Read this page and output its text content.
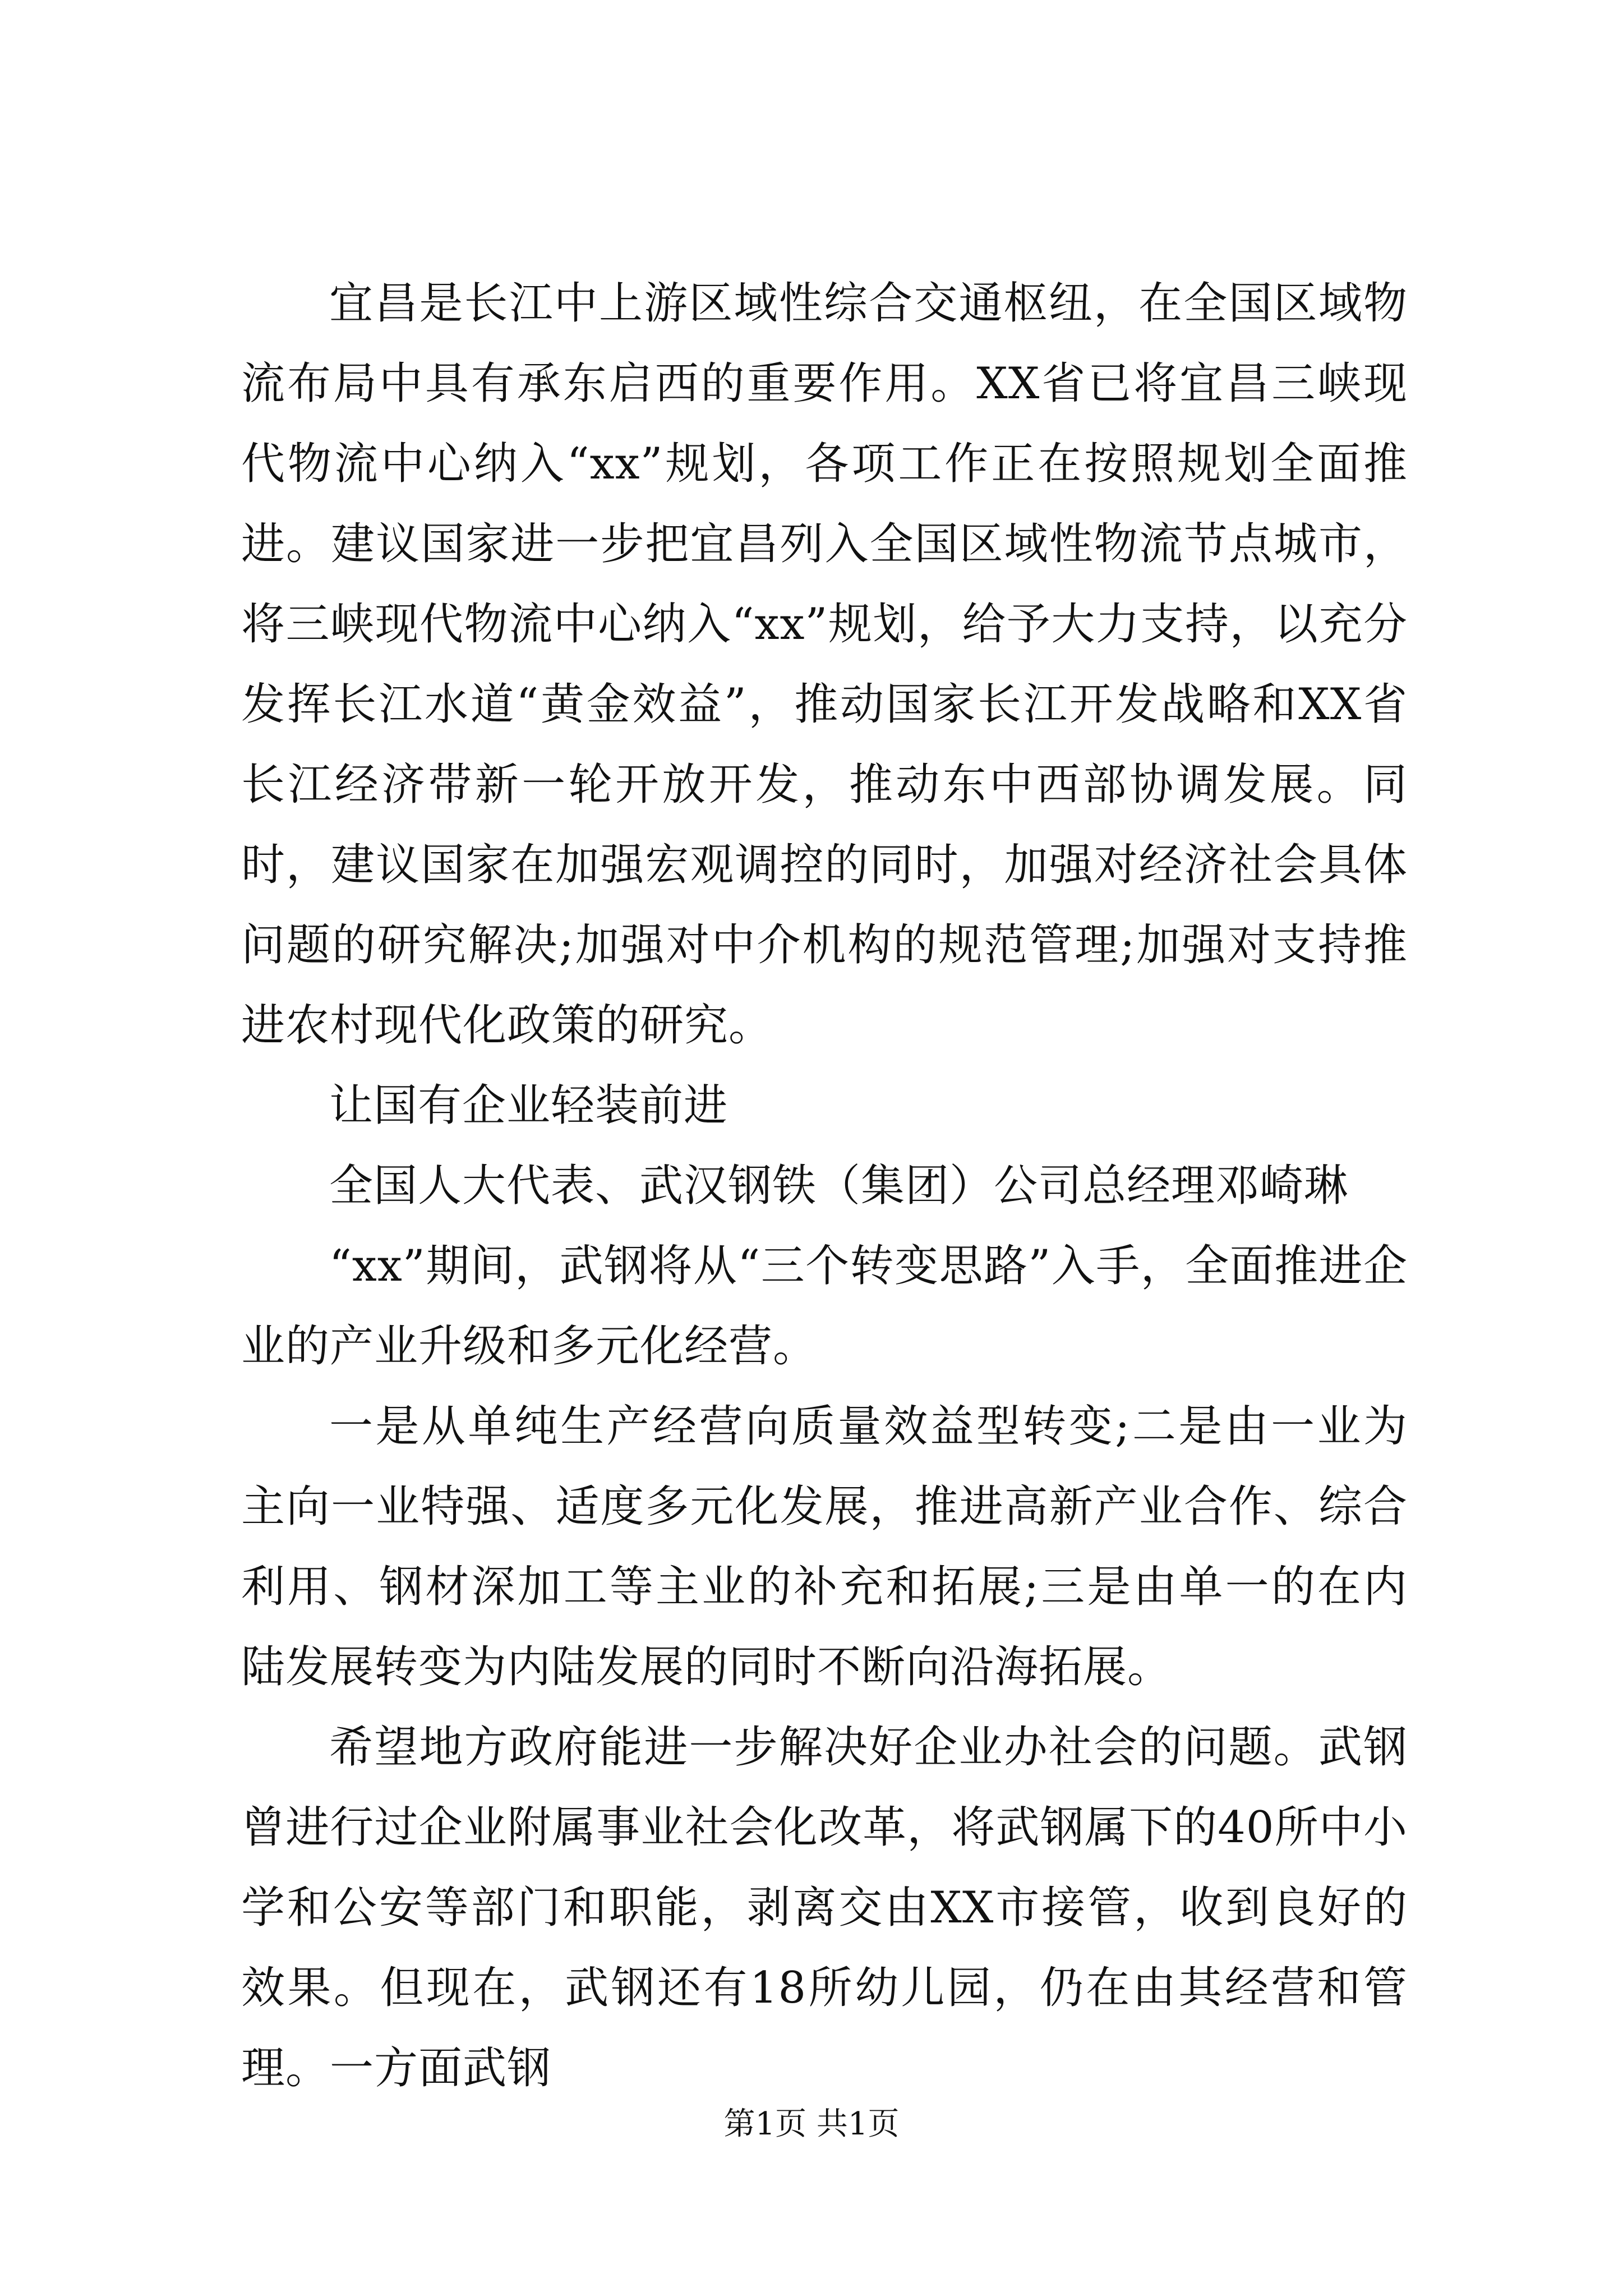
宜昌是长江中上游区域性综合交通枢纽，在全国区域物流布局中具有承东启西的重要作用。XX省已将宜昌三峡现代物流中心纳入“xx”规划，各项工作正在按照规划全面推进。建议国家进一步把宜昌列入全国区域性物流节点城市，将三峡现代物流中心纳入“xx”规划，给予大力支持，以充分发挥长江水道“黄金效益”，推动国家长江开发战略和XX省长江经济带新一轮开放开发，推动东中西部协调发展。同时，建议国家在加强宏观调控的同时，加强对经济社会具体问题的研究解决;加强对中介机构的规范管理;加强对支持推进农村现代化政策的研究。

让国有企业轻装前进

全国人大代表、武汉钢铁（集团）公司总经理邓崎琳

“xx”期间，武钢将从“三个转变思路”入手，全面推进企业的产业升级和多元化经营。

一是从单纯生产经营向质量效益型转变;二是由一业为主向一业特强、适度多元化发展，推进高新产业合作、综合利用、钢材深加工等主业的补充和拓展;三是由单一的在内陆发展转变为内陆发展的同时不断向沿海拓展。

希望地方政府能进一步解决好企业办社会的问题。武钢曾进行过企业附属事业社会化改革，将武钢属下的40所中小学和公安等部门和职能，剥离交由XX市接管，收到良好的效果。但现在，武钢还有18所幼儿园，仍在由其经营和管理。一方面武钢

第1页 共1页
